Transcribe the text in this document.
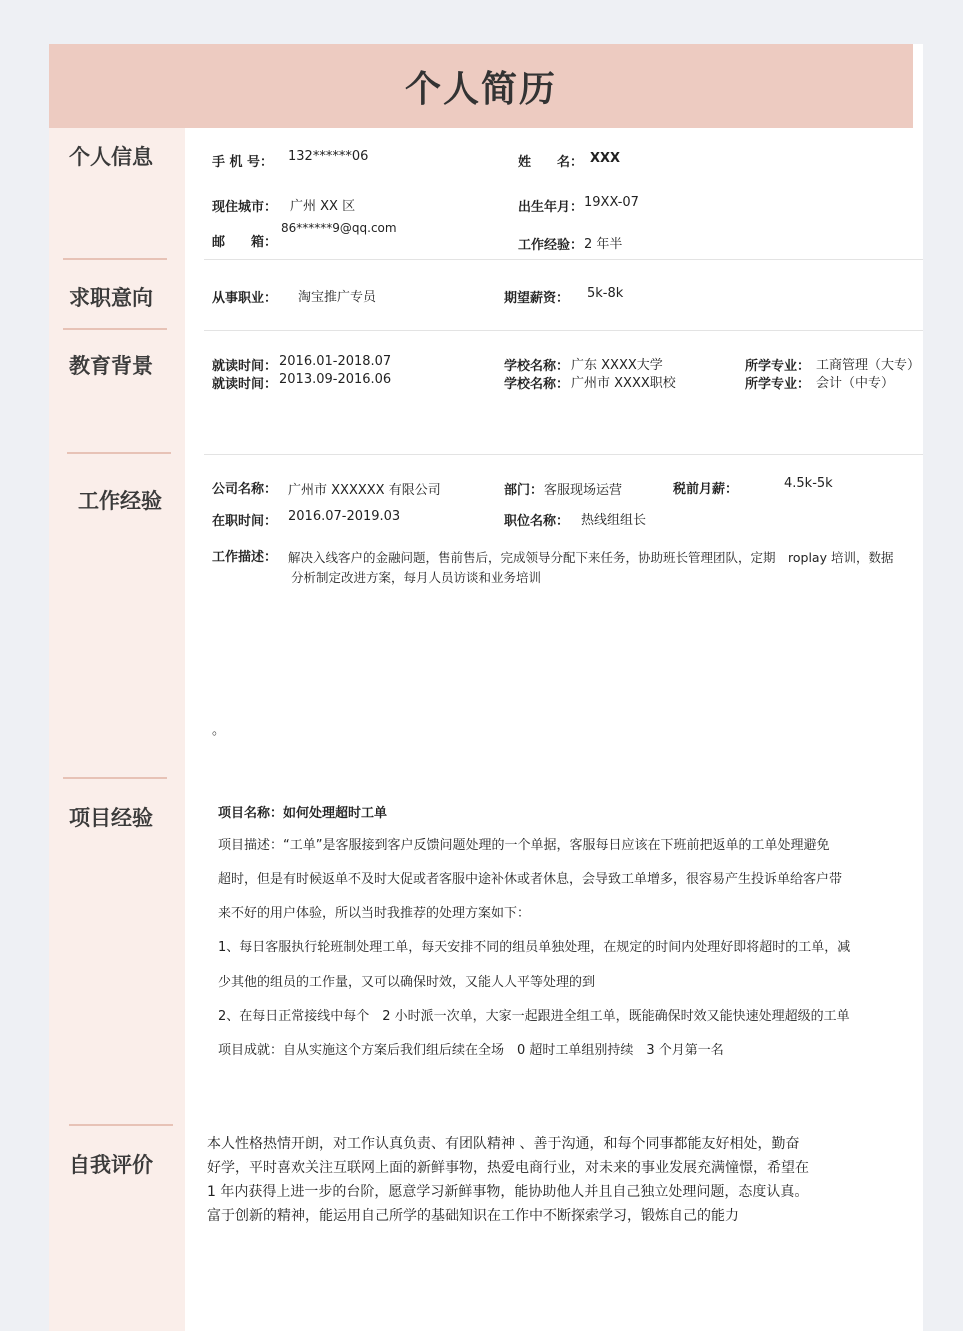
个人简历
个人信息
求职意向
教育背景
工作经验
项目经验
自我评价
手 机 号： 132******06	姓　　名： XXX
现住城市： 广州 XX 区	出生年月： 19XX-07
邮　　箱：
86******9@qq.com
工作经验： 2 年半
从事职业： 淘宝推广专员	期望薪资： 5k-8k
就读时间： 2016.01-2018.07	学校名称： 广东 XXXX大学	所学专业： 工商管理（大专）
就读时间： 2013.09-2016.06	学校名称： 广州市 XXXX职校	所学专业： 会计（中专）
公司名称： 广州市 XXXXXX 有限公司	部门： 客服现场运营	税前月薪：	4.5k-5k
在职时间： 2016.07-2019.03	职位名称： 热线组组长
工作描述： 解决入线客户的金融问题，售前售后，完成领导分配下来任务，协助班长管理团队，定期　roplay 培训，数据
分析制定改进方案，每月人员访谈和业务培训
。
项目名称： 如何处理超时工单
项目描述：“工单”是客服接到客户反馈问题处理的一个单据，客服每日应该在下班前把返单的工单处理避免
超时，但是有时候返单不及时大促或者客服中途补休或者休息，会导致工单增多，很容易产生投诉单给客户带
来不好的用户体验，所以当时我推荐的处理方案如下：
1、每日客服执行轮班制处理工单，每天安排不同的组员单独处理，在规定的时间内处理好即将超时的工单，减
少其他的组员的工作量，又可以确保时效，又能人人平等处理的到
2、在每日正常接线中每个　2 小时派一次单，大家一起跟进全组工单，既能确保时效又能快速处理超级的工单
项目成就：自从实施这个方案后我们组后续在全场　0 超时工单组别持续　3 个月第一名
本人性格热情开朗，对工作认真负责、有团队精神 、善于沟通，和每个同事都能友好相处，勤奋
好学，平时喜欢关注互联网上面的新鲜事物，热爱电商行业，对未来的事业发展充满憧憬，希望在
1 年内获得上进一步的台阶，愿意学习新鲜事物，能协助他人并且自己独立处理问题，态度认真。
富于创新的精神，能运用自己所学的基础知识在工作中不断探索学习，锻炼自己的能力
